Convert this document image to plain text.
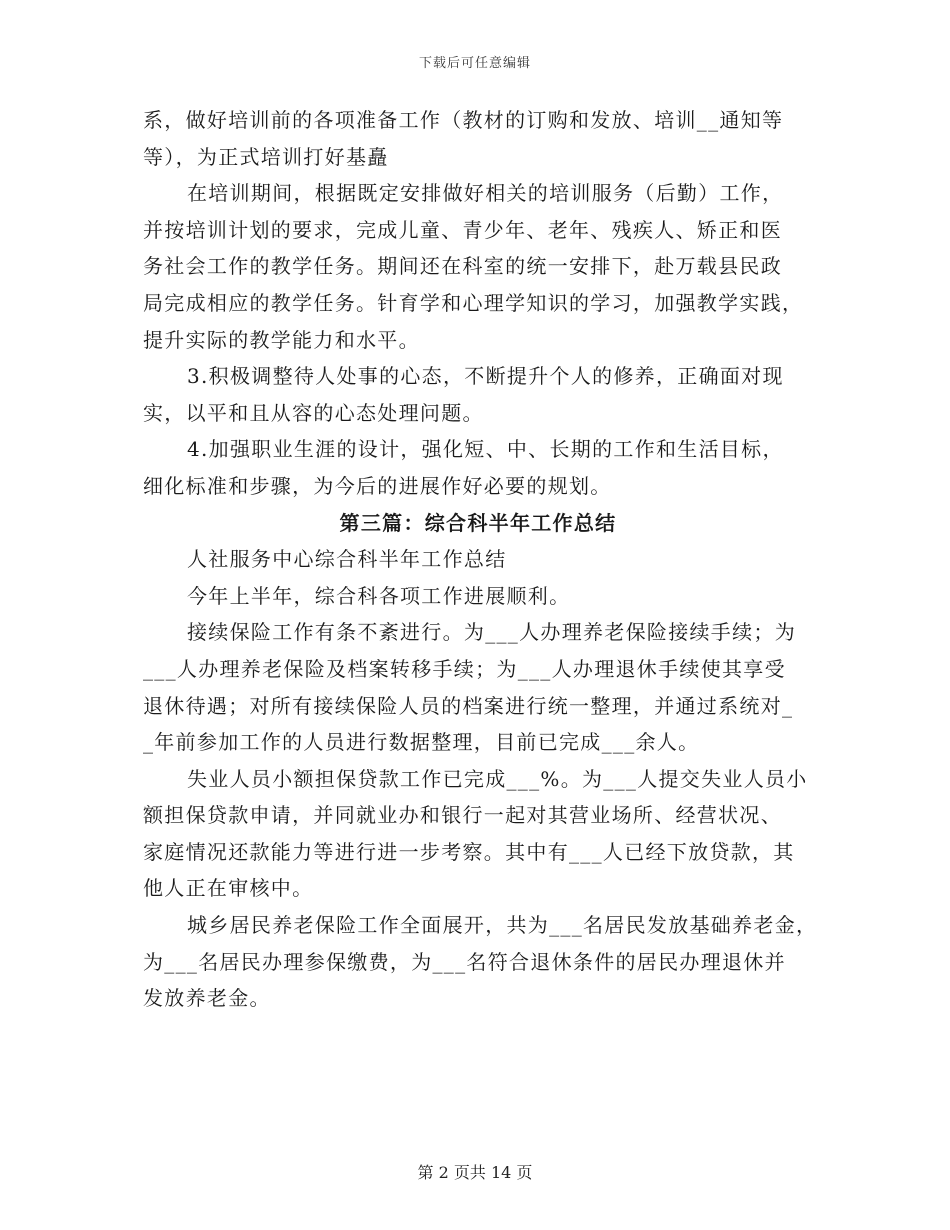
下载后可任意编辑
系，做好培训前的各项准备工作（教材的订购和发放、培训__通知等
等），为正式培训打好基矗
在培训期间，根据既定安排做好相关的培训服务（后勤）工作，
并按培训计划的要求，完成儿童、青少年、老年、残疾人、矫正和医
务社会工作的教学任务。期间还在科室的统一安排下，赴万载县民政
局完成相应的教学任务。针育学和心理学知识的学习，加强教学实践，
提升实际的教学能力和水平。
3.积极调整待人处事的心态，不断提升个人的修养，正确面对现
实，以平和且从容的心态处理问题。
4.加强职业生涯的设计，强化短、中、长期的工作和生活目标，
细化标准和步骤，为今后的进展作好必要的规划。
第三篇：综合科半年工作总结
人社服务中心综合科半年工作总结
今年上半年，综合科各项工作进展顺利。
接续保险工作有条不紊进行。为___人办理养老保险接续手续；为
___人办理养老保险及档案转移手续；为___人办理退休手续使其享受
退休待遇；对所有接续保险人员的档案进行统一整理，并通过系统对_
_年前参加工作的人员进行数据整理，目前已完成___余人。
失业人员小额担保贷款工作已完成___%。为___人提交失业人员小
额担保贷款申请，并同就业办和银行一起对其营业场所、经营状况、
家庭情况还款能力等进行进一步考察。其中有___人已经下放贷款，其
他人正在审核中。
城乡居民养老保险工作全面展开，共为___名居民发放基础养老金，
为___名居民办理参保缴费，为___名符合退休条件的居民办理退休并
发放养老金。
第 2 页共 14 页
